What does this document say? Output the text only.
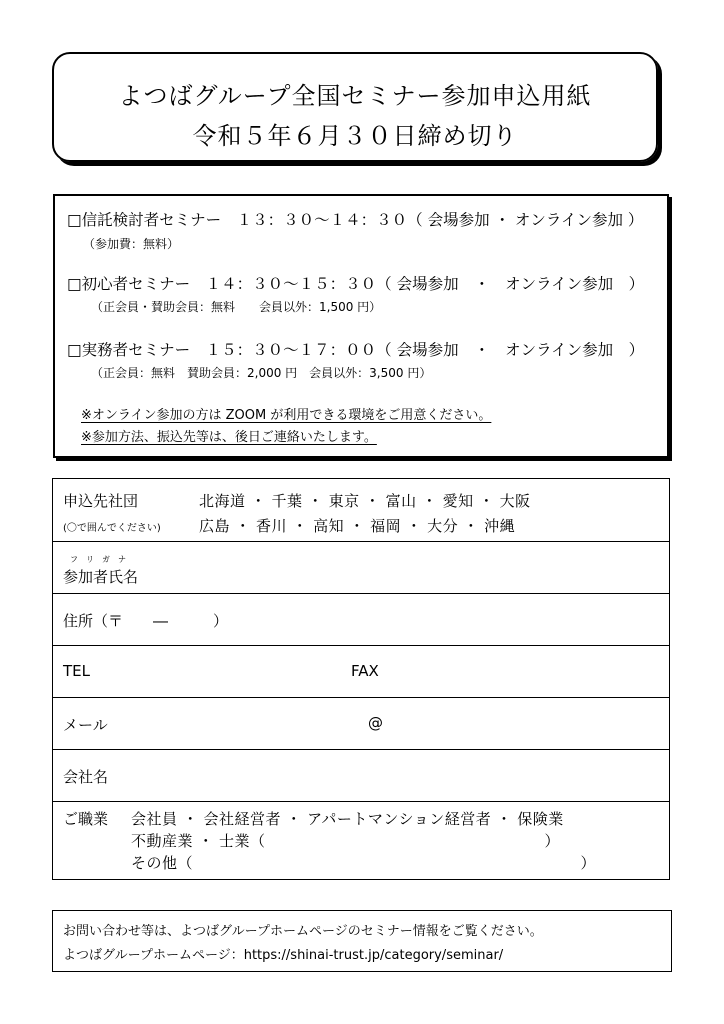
よつばグループ全国セミナー参加申込用紙
令和５年６月３０日締め切り
□信託検討者セミナー　１３：３０〜１４：３０（ 会場参加 ・ オンライン参加 ）
（参加費：無料）
□初心者セミナー　１４：３０〜１５：３０（ 会場参加　・　オンライン参加　）
（正会員・賛助会員：無料　　会員以外：1,500 円）
□実務者セミナー　１５：３０〜１７：００（ 会場参加　・　オンライン参加　）
（正会員：無料　賛助会員：2,000 円　会員以外：3,500 円）
※オンライン参加の方は ZOOM が利用できる環境をご用意ください。
※参加方法、振込先等は、後日ご連絡いたします。
申込先社団
(〇で囲んでください)
北海道 ・ 千葉 ・ 東京 ・ 富山 ・ 愛知 ・ 大阪
広島 ・ 香川 ・ 高知 ・ 福岡 ・ 大分 ・ 沖縄
フ　リ　ガ　ナ
参加者氏名
住所（〒　　―　　　）
TEL	FAX
メール	@
会社名
ご職業 会社員 ・ 会社経営者 ・ アパートマンション経営者 ・ 保険業
不動産業 ・ 士業（　　　　　　　　　　　　　　　　　　）
その他（　　　　　　　　　　　　　　　　　　　　　　　　　）
お問い合わせ等は、よつばグループホームページのセミナー情報をご覧ください。
よつばグループホームページ：https://shinai-trust.jp/category/seminar/
